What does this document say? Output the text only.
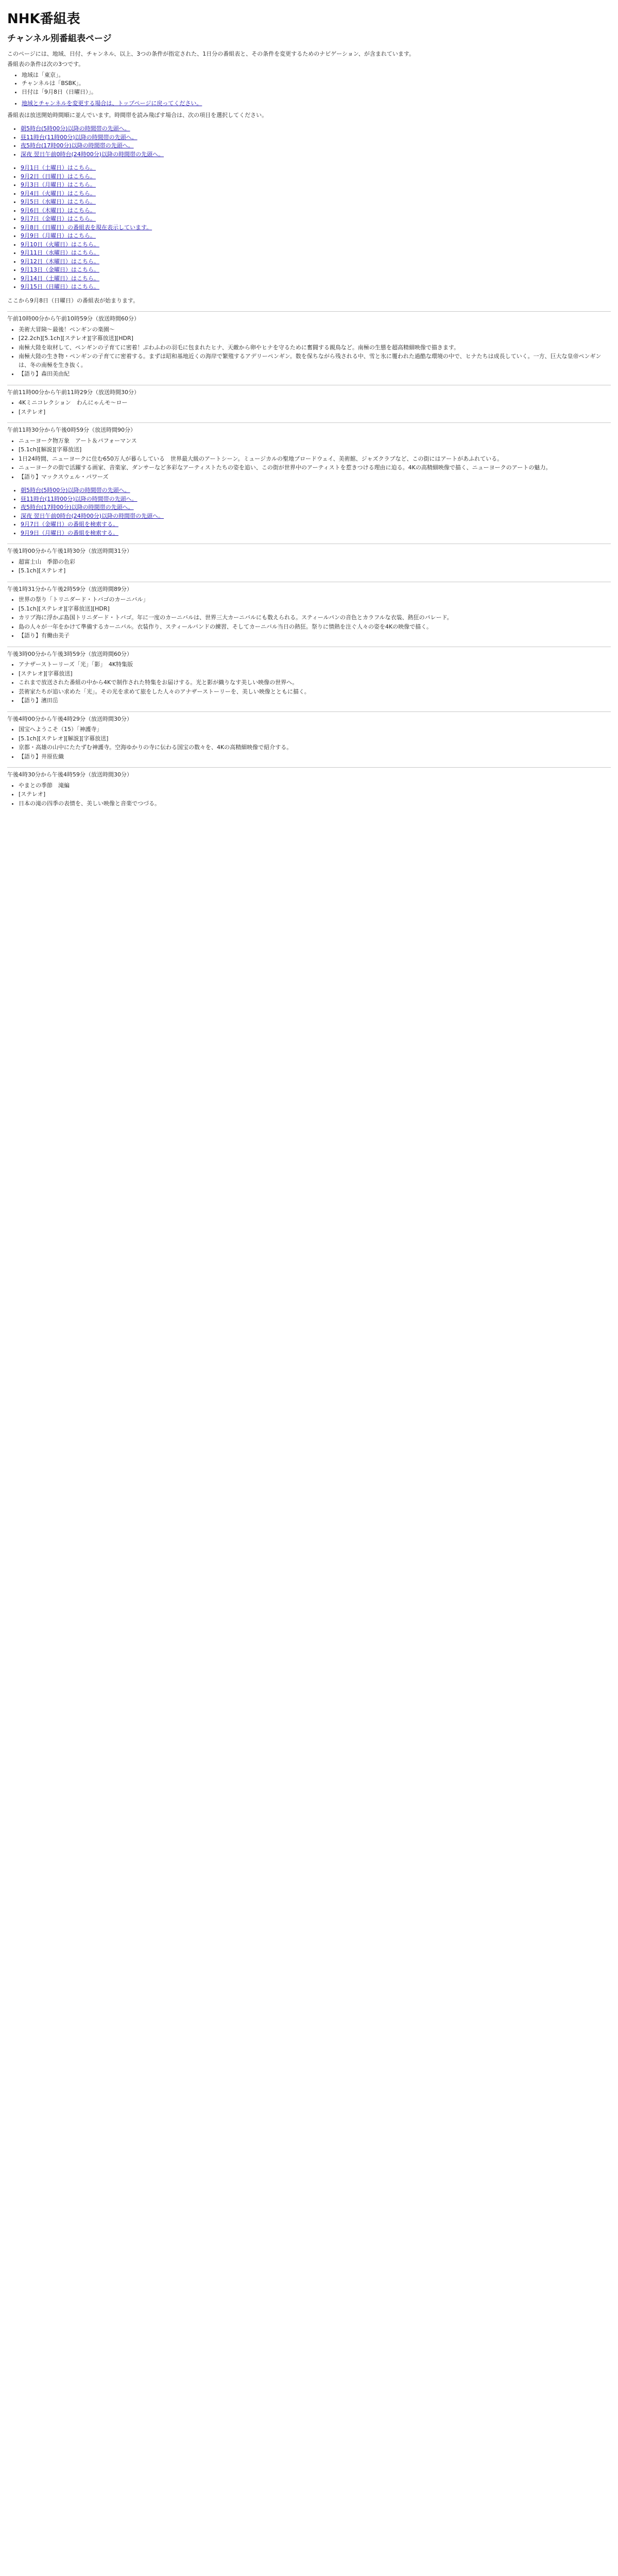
NHK番組表
チャンネル別番組表ページ

このページには、地域、日付、チャンネル、以上、3つの条件が指定された、1日分の番組表と、その条件を変更するためのナビゲーション、が含まれています。

番組表の条件は次の3つです。

• 地域は「東京」。
• チャンネルは「BSBK」。
• 日付は「9月8日（日曜日）」。
• 地域とチャンネルを変更する場合は、トップページに戻ってください。

番組表は放送開始時間順に並んでいます。時間帯を読み飛ばす場合は、次の項目を選択してください。

• 朝5時台(5時00分)以降の時間帯の先頭へ。
• 昼11時台(11時00分)以降の時間帯の先頭へ。
• 夜5時台(17時00分)以降の時間帯の先頭へ。
• 深夜 翌日午前0時台(24時00分)以降の時間帯の先頭へ。
• 9月1日（土曜日）はこちら。
• 9月2日（日曜日）はこちら。
• 9月3日（月曜日）はこちら。
• 9月4日（火曜日）はこちら。
• 9月5日（水曜日）はこちら。
• 9月6日（木曜日）はこちら。
• 9月7日（金曜日）はこちら。
• 9月8日（日曜日）の番組表を現在表示しています。
• 9月9日（月曜日）はこちら。
• 9月10日（火曜日）はこちら。
• 9月11日（水曜日）はこちら。
• 9月12日（木曜日）はこちら。
• 9月13日（金曜日）はこちら。
• 9月14日（土曜日）はこちら。
• 9月15日（日曜日）はこちら。

ここから9月8日（日曜日）の番組表が始まります。

午前10時00分から午前10時59分（放送時間60分）

• 美術大冒険〜最後！ペンギンの楽園〜
• [22.2ch][5.1ch][ステレオ][字幕放送][HDR]
• 南極大陸を取材して、ペンギンの子育てに密着！ぷわふわの羽毛に包まれたヒナ、天敵から卵やヒナを守るために奮闘する親鳥など。南極の生態を超高精細映像で描きます。
• 南極大陸の生き物・ペンギンの子育てに密着する。まずは昭和基地近くの海岸で繁殖するアデリーペンギン。数を保ちながら残される中、雪と氷に覆われた過酷な環境の中で、ヒナたちは成長していく。一方、巨大な皇帝ペンギンは、冬の南極を生き抜く。
• 【語り】森田美由紀

午前11時00分から午前11時29分（放送時間30分）

• 4Kミニコレクション　わんにゃんモ〜ロー
• [ステレオ]

午前11時30分から午後0時59分（放送時間90分）

• ニューヨーク物万象　アート＆パフォーマンス
• [5.1ch][解説][字幕放送]
• 1日24時間、ニューヨークに住む650万人が暮らしている　世界最大級のアートシーン。ミュージカルの聖地ブロードウェイ、美術館、ジャズクラブなど、この街にはアートがあふれている。
• ニューヨークの街で活躍する画家、音楽家、ダンサーなど多彩なアーティストたちの姿を追い、この街が世界中のアーティストを惹きつける理由に迫る。4Kの高精細映像で描く、ニューヨークのアートの魅力。
• 【語り】マックスウェル・パワーズ
• 朝5時台(5時00分)以降の時間帯の先頭へ。
• 昼11時台(11時00分)以降の時間帯の先頭へ。
• 夜5時台(17時00分)以降の時間帯の先頭へ。
• 深夜 翌日午前0時台(24時00分)以降の時間帯の先頭へ。
• 9月7日（金曜日）の番組を検索する。
• 9月9日（月曜日）の番組を検索する。

午後1時00分から午後1時30分（放送時間31分）

• 超富士山　季節の色彩
• [5.1ch][ステレオ]

午後1時31分から午後2時59分（放送時間89分）

• 世界の祭り「トリニダード・トバゴのカーニバル」
• [5.1ch][ステレオ][字幕放送][HDR]
• カリブ海に浮かぶ島国トリニダード・トバゴ。年に一度のカーニバルは、世界三大カーニバルにも数えられる。スティールパンの音色とカラフルな衣装、熱狂のパレード。
• 島の人々が一年をかけて準備するカーニバル。衣装作り、スティールバンドの練習、そしてカーニバル当日の熱狂。祭りに情熱を注ぐ人々の姿を4Kの映像で描く。
• 【語り】有働由美子

午後3時00分から午後3時59分（放送時間60分）

• アナザーストーリーズ「光」「影」　4K特集版
• [ステレオ][字幕放送]
• これまで放送された番組の中から4Kで制作された特集をお届けする。光と影が織りなす美しい映像の世界へ。
• 芸術家たちが追い求めた「光」。その光を求めて旅をした人々のアナザーストーリーを、美しい映像とともに描く。
• 【語り】濱田岳

午後4時00分から午後4時29分（放送時間30分）

• 国宝へようこそ（15）「神護寺」
• [5.1ch][ステレオ][解説][字幕放送]
• 京都・高雄の山中にたたずむ神護寺。空海ゆかりの寺に伝わる国宝の数々を、4Kの高精細映像で紹介する。
• 【語り】井原佐織

午後4時30分から午後4時59分（放送時間30分）

• やまとの季節　滝編
• [ステレオ]
• 日本の滝の四季の表情を、美しい映像と音楽でつづる。
